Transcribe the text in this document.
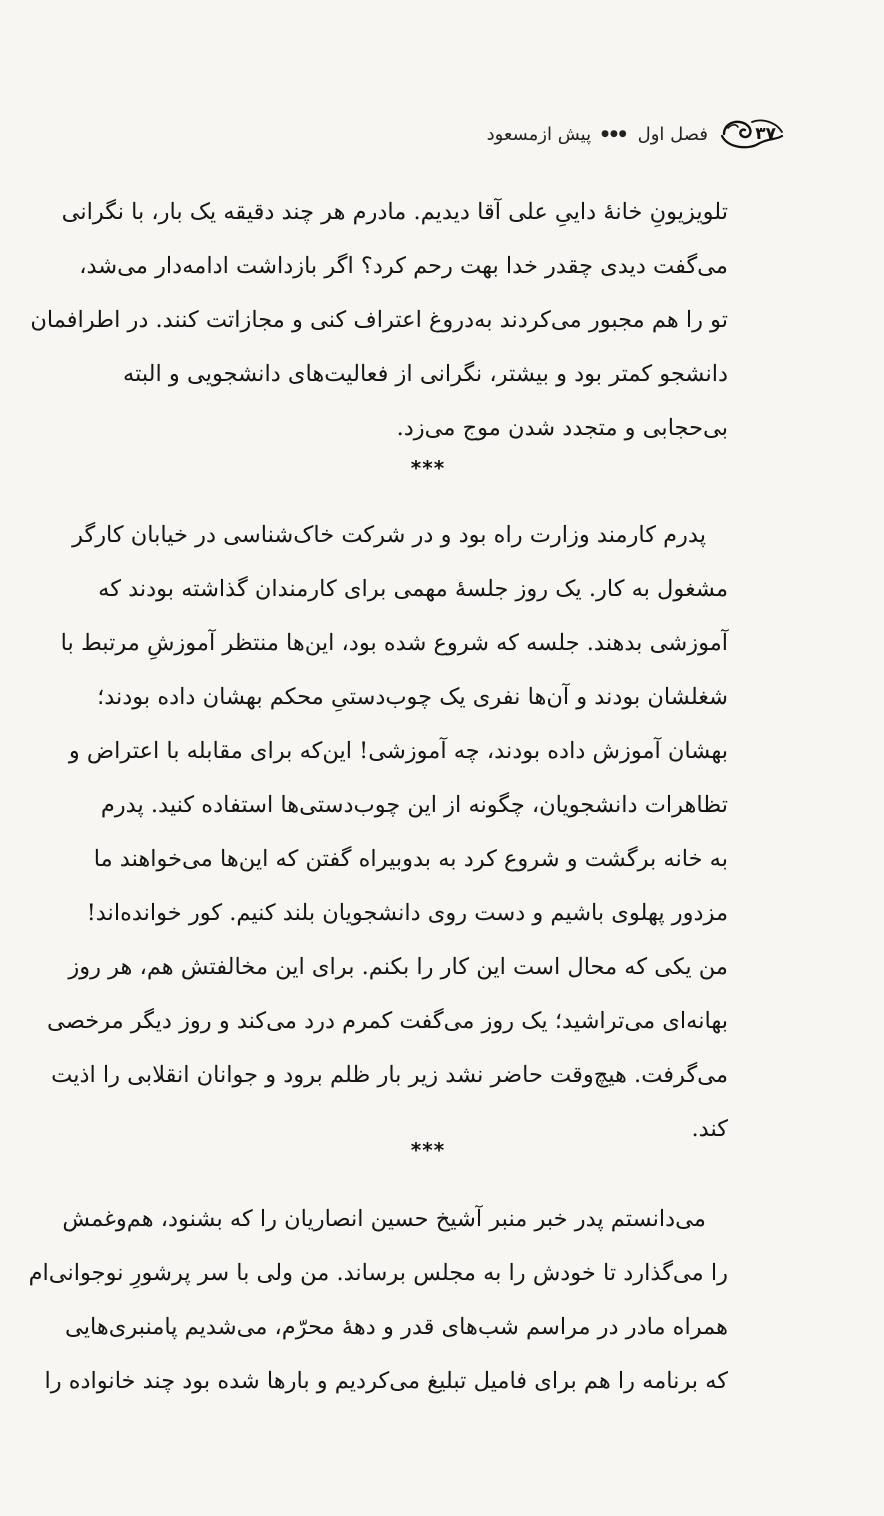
۳۷
فصل اول
●●●
پیش ازمسعود
تلویزیونِ خانهٔ داییِ علی آقا دیدیم. مادرم هر چند دقیقه یک بار، با نگرانی
می‌گفت دیدی چقدر خدا بهت رحم کرد؟ اگر بازداشت ادامه‌دار می‌شد،
تو را هم مجبور می‌کردند به‌دروغ اعتراف کنی و مجازاتت کنند. در اطرافمان
دانشجو کمتر بود و بیشتر، نگرانی از فعالیت‌های دانشجویی و البته
بی‌حجابی و متجدد شدن موج می‌زد.
***
پدرم کارمند وزارت راه بود و در شرکت خاک‌شناسی در خیابان کارگر
مشغول به کار. یک روز جلسهٔ مهمی برای کارمندان گذاشته بودند که
آموزشی بدهند. جلسه که شروع شده بود، این‌ها منتظر آموزشِ مرتبط با
شغلشان بودند و آن‌ها نفری یک چوب‌دستیِ محکم بهشان داده بودند؛
بهشان آموزش داده بودند، چه آموزشی! این‌که برای مقابله با اعتراض و
تظاهرات دانشجویان، چگونه از این چوب‌دستی‌ها استفاده کنید. پدرم
به خانه برگشت و شروع کرد به بدوبیراه گفتن که این‌ها می‌خواهند ما
مزدور پهلوی باشیم و دست روی دانشجویان بلند کنیم. کور خوانده‌اند!
من یکی که محال است این کار را بکنم. برای این مخالفتش هم، هر روز
بهانه‌ای می‌تراشید؛ یک روز می‌گفت کمرم درد می‌کند و روز دیگر مرخصی
می‌گرفت. هیچ‌وقت حاضر نشد زیر بار ظلم برود و جوانان انقلابی را اذیت
کند.
***
می‌دانستم پدر خبر منبر آشیخ حسین انصاریان را که بشنود، هم‌وغمش
را می‌گذارد تا خودش را به مجلس برساند. من ولی با سر پرشورِ نوجوانی‌ام
همراه مادر در مراسم شب‌های قدر و دههٔ محرّم، می‌شدیم پامنبری‌هایی
که برنامه را هم برای فامیل تبلیغ می‌کردیم و بارها شده بود چند خانواده را
